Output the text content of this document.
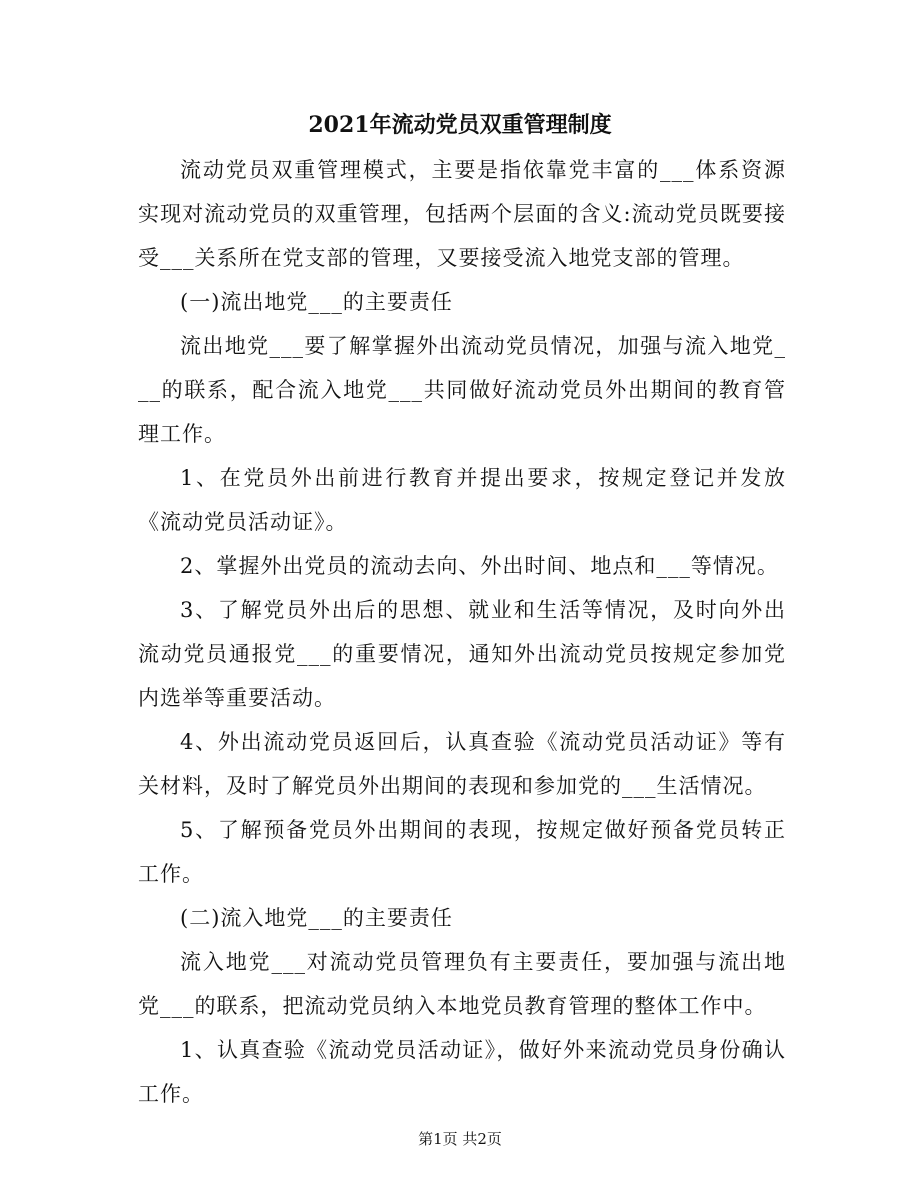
2021年流动党员双重管理制度

流动党员双重管理模式，主要是指依靠党丰富的___体系资源实现对流动党员的双重管理，包括两个层面的含义:流动党员既要接受___关系所在党支部的管理，又要接受流入地党支部的管理。

(一)流出地党___的主要责任

流出地党___要了解掌握外出流动党员情况，加强与流入地党___的联系，配合流入地党___共同做好流动党员外出期间的教育管理工作。

1、在党员外出前进行教育并提出要求，按规定登记并发放《流动党员活动证》。

2、掌握外出党员的流动去向、外出时间、地点和___等情况。

3、了解党员外出后的思想、就业和生活等情况，及时向外出流动党员通报党___的重要情况，通知外出流动党员按规定参加党内选举等重要活动。

4、外出流动党员返回后，认真查验《流动党员活动证》等有关材料，及时了解党员外出期间的表现和参加党的___生活情况。

5、了解预备党员外出期间的表现，按规定做好预备党员转正工作。

(二)流入地党___的主要责任

流入地党___对流动党员管理负有主要责任，要加强与流出地党___的联系，把流动党员纳入本地党员教育管理的整体工作中。

1、认真查验《流动党员活动证》，做好外来流动党员身份确认工作。

第1页 共2页
